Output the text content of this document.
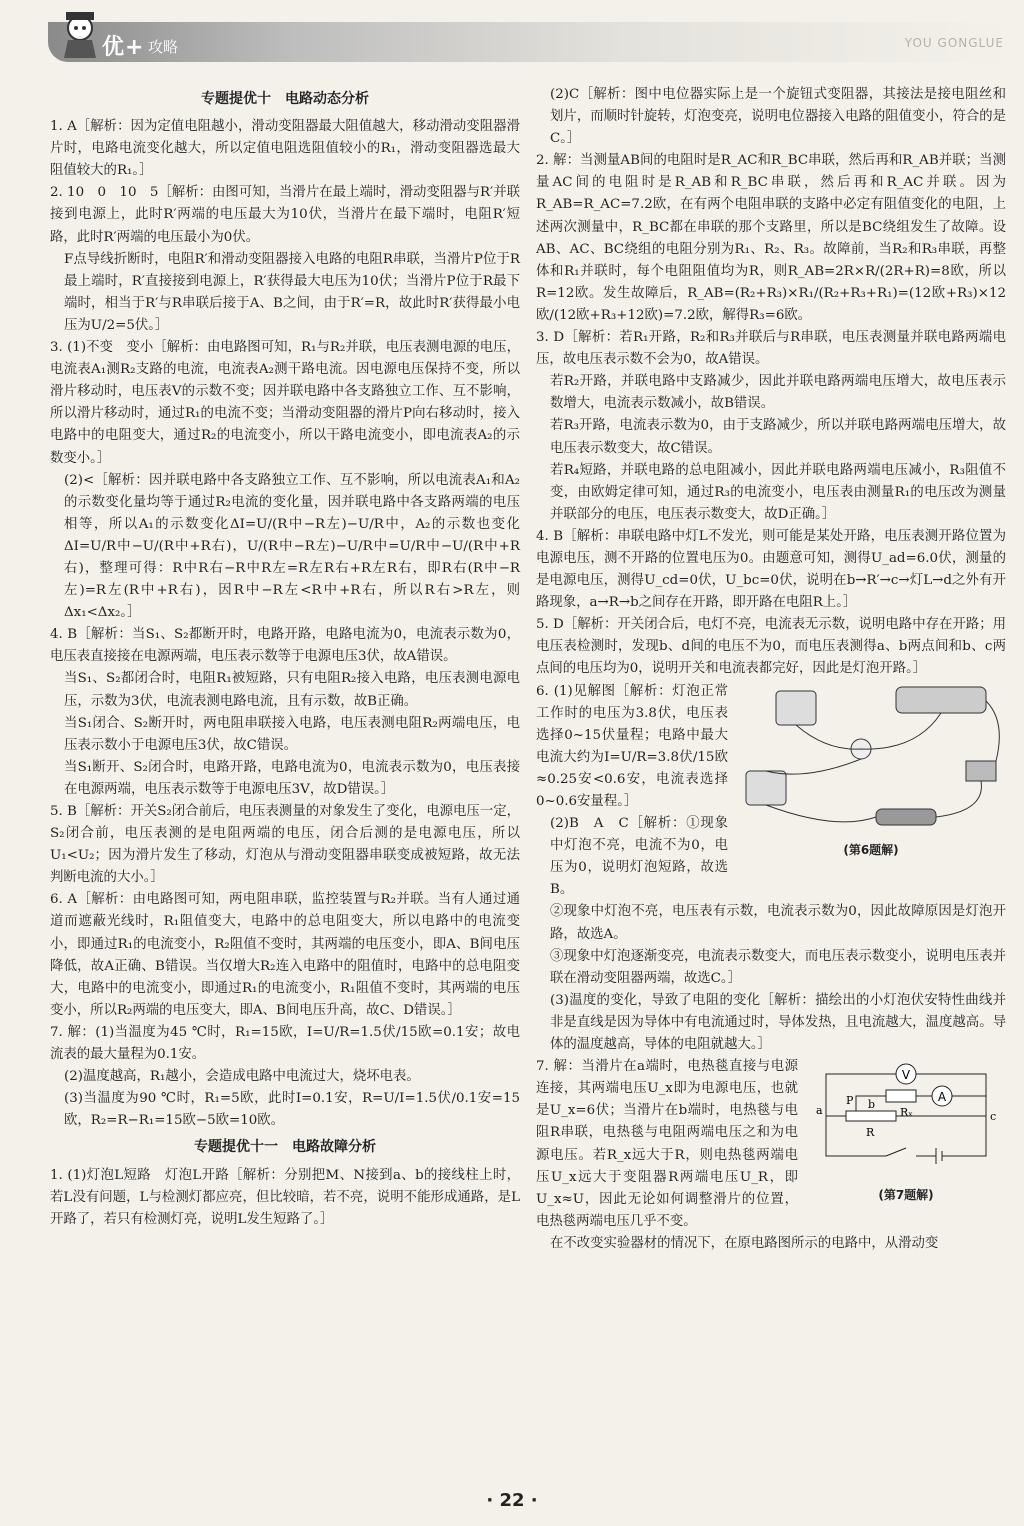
优+ 攻略	YOU GONGLUE
专题提优十　电路动态分析

1. A［解析：因为定值电阻越小，滑动变阻器最大阻值越大，移动滑动变阻器滑片时，电路电流变化越大，所以定值电阻选阻值较小的R₁，滑动变阻器选最大阻值较大的R₁。］

2. 10　0　10　5［解析：由图可知，当滑片在最上端时，滑动变阻器与R′并联接到电源上，此时R′两端的电压最大为10伏，当滑片在最下端时，电阻R′短路，此时R′两端的电压最小为0伏。

F点导线折断时，电阻R′和滑动变阻器接入电路的电阻R串联，当滑片P位于R最上端时，R′直接接到电源上，R′获得最大电压为10伏；当滑片P位于R最下端时，相当于R′与R串联后接于A、B之间，由于R′=R，故此时R′获得最小电压为U/2=5伏。］

3. (1)不变　变小［解析：由电路图可知，R₁与R₂并联，电压表测电源的电压，电流表A₁测R₂支路的电流，电流表A₂测干路电流。因电源电压保持不变，所以滑片移动时，电压表V的示数不变；因并联电路中各支路独立工作、互不影响，所以滑片移动时，通过R₁的电流不变；当滑动变阻器的滑片P向右移动时，接入电路中的电阻变大，通过R₂的电流变小，所以干路电流变小，即电流表A₂的示数变小。］

(2)<［解析：因并联电路中各支路独立工作、互不影响，所以电流表A₁和A₂的示数变化量均等于通过R₂电流的变化量，因并联电路中各支路两端的电压相等，所以A₁的示数变化ΔI=U/(R中−R左)−U/R中，A₂的示数也变化ΔI=U/R中−U/(R中+R右)，U/(R中−R左)−U/R中=U/R中−U/(R中+R右)，整理可得：R中R右−R中R左=R左R右+R左R右，即R右(R中−R左)=R左(R中+R右)，因R中−R左<R中+R右，所以R右>R左，则Δx₁<Δx₂。］

4. B［解析：当S₁、S₂都断开时，电路开路，电路电流为0，电流表示数为0，电压表直接接在电源两端，电压表示数等于电源电压3伏，故A错误。

当S₁、S₂都闭合时，电阻R₁被短路，只有电阻R₂接入电路，电压表测电源电压，示数为3伏，电流表测电路电流，且有示数，故B正确。

当S₁闭合、S₂断开时，两电阻串联接入电路，电压表测电阻R₂两端电压，电压表示数小于电源电压3伏，故C错误。

当S₁断开、S₂闭合时，电路开路，电路电流为0，电流表示数为0，电压表接在电源两端，电压表示数等于电源电压3V，故D错误。］

5. B［解析：开关S₂闭合前后，电压表测量的对象发生了变化，电源电压一定，S₂闭合前，电压表测的是电阻两端的电压，闭合后测的是电源电压，所以U₁<U₂；因为滑片发生了移动，灯泡从与滑动变阻器串联变成被短路，故无法判断电流的大小。］

6. A［解析：由电路图可知，两电阻串联，监控装置与R₂并联。当有人通过通道而遮蔽光线时，R₁阻值变大，电路中的总电阻变大，所以电路中的电流变小，即通过R₁的电流变小，R₂阻值不变时，其两端的电压变小，即A、B间电压降低，故A正确、B错误。当仅增大R₂连入电路中的阻值时，电路中的总电阻变大，电路中的电流变小，即通过R₁的电流变小，R₁阻值不变时，其两端的电压变小，所以R₂两端的电压变大，即A、B间电压升高，故C、D错误。］

7. 解：(1)当温度为45 ℃时，R₁=15欧，I=U/R=1.5伏/15欧=0.1安；故电流表的最大量程为0.1安。

(2)温度越高，R₁越小，会造成电路中电流过大，烧坏电表。

(3)当温度为90 ℃时，R₁=5欧，此时I=0.1安，R=U/I=1.5伏/0.1安=15欧，R₂=R−R₁=15欧−5欧=10欧。

专题提优十一　电路故障分析

1. (1)灯泡L短路　灯泡L开路［解析：分别把M、N接到a、b的接线柱上时，若L没有问题，L与检测灯都应亮，但比较暗，若不亮，说明不能形成通路，是L开路了，若只有检测灯亮，说明L发生短路了。］

(2)C［解析：图中电位器实际上是一个旋钮式变阻器，其接法是接电阻丝和划片，而顺时针旋转，灯泡变亮，说明电位器接入电路的阻值变小，符合的是C。］

2. 解：当测量AB间的电阻时是R_AC和R_BC串联，然后再和R_AB并联；当测量AC间的电阻时是R_AB和R_BC串联，然后再和R_AC并联。因为R_AB=R_AC=7.2欧，在有两个电阻串联的支路中必定有阻值变化的电阻，上述两次测量中，R_BC都在串联的那个支路里，所以是BC绕组发生了故障。设AB、AC、BC绕组的电阻分别为R₁、R₂、R₃。故障前，当R₂和R₃串联，再整体和R₁并联时，每个电阻阻值均为R，则R_AB=2R×R/(2R+R)=8欧，所以R=12欧。发生故障后，R_AB=(R₂+R₃)×R₁/(R₂+R₃+R₁)=(12欧+R₃)×12欧/(12欧+R₃+12欧)=7.2欧，解得R₃=6欧。

3. D［解析：若R₁开路，R₂和R₃并联后与R串联，电压表测量并联电路两端电压，故电压表示数不会为0，故A错误。

若R₂开路，并联电路中支路减少，因此并联电路两端电压增大，故电压表示数增大，电流表示数减小，故B错误。

若R₃开路，电流表示数为0，由于支路减少，所以并联电路两端电压增大，故电压表示数变大，故C错误。

若R₄短路，并联电路的总电阻减小，因此并联电路两端电压减小，R₃阻值不变，由欧姆定律可知，通过R₃的电流变小，电压表由测量R₁的电压改为测量并联部分的电压，电压表示数变大，故D正确。］

4. B［解析：串联电路中灯L不发光，则可能是某处开路，电压表测开路位置为电源电压，测不开路的位置电压为0。由题意可知，测得U_ad=6.0伏，测量的是电源电压，测得U_cd=0伏，U_bc=0伏，说明在b→R′→c→灯L→d之外有开路现象，a→R→b之间存在开路，即开路在电阻R上。］

5. D［解析：开关闭合后，电灯不亮，电流表无示数，说明电路中存在开路；用电压表检测时，发现b、d间的电压不为0，而电压表测得a、b两点间和b、c两点间的电压均为0，说明开关和电流表都完好，因此是灯泡开路。］

(第6题解)

6. (1)见解图［解析：灯泡正常工作时的电压为3.8伏，电压表选择0~15伏量程；电路中最大电流大约为I=U/R=3.8伏/15欧≈0.25安<0.6安，电流表选择0~0.6安量程。］

(2)B　A　C［解析：①现象中灯泡不亮，电流不为0，电压为0，说明灯泡短路，故选B。

②现象中灯泡不亮，电压表有示数，电流表示数为0，因此故障原因是灯泡开路，故选A。

③现象中灯泡逐渐变亮，电流表示数变大，而电压表示数变小，说明电压表并联在滑动变阻器两端，故选C。］

(3)温度的变化，导致了电阻的变化［解析：描绘出的小灯泡伏安特性曲线并非是直线是因为导体中有电流通过时，导体发热，且电流越大，温度越高。导体的温度越高，导体的电阻就越大。］

V
Rₓ
A
P
a	b
c
R
(第7题解)

7. 解：当滑片在a端时，电热毯直接与电源连接，其两端电压U_x即为电源电压，也就是U_x=6伏；当滑片在b端时，电热毯与电阻R串联，电热毯与电阻两端电压之和为电源电压。若R_x远大于R，则电热毯两端电压U_x远大于变阻器R两端电压U_R，即U_x≈U，因此无论如何调整滑片的位置，电热毯两端电压几乎不变。

在不改变实验器材的情况下，在原电路图所示的电路中，从滑动变

· 22 ·
